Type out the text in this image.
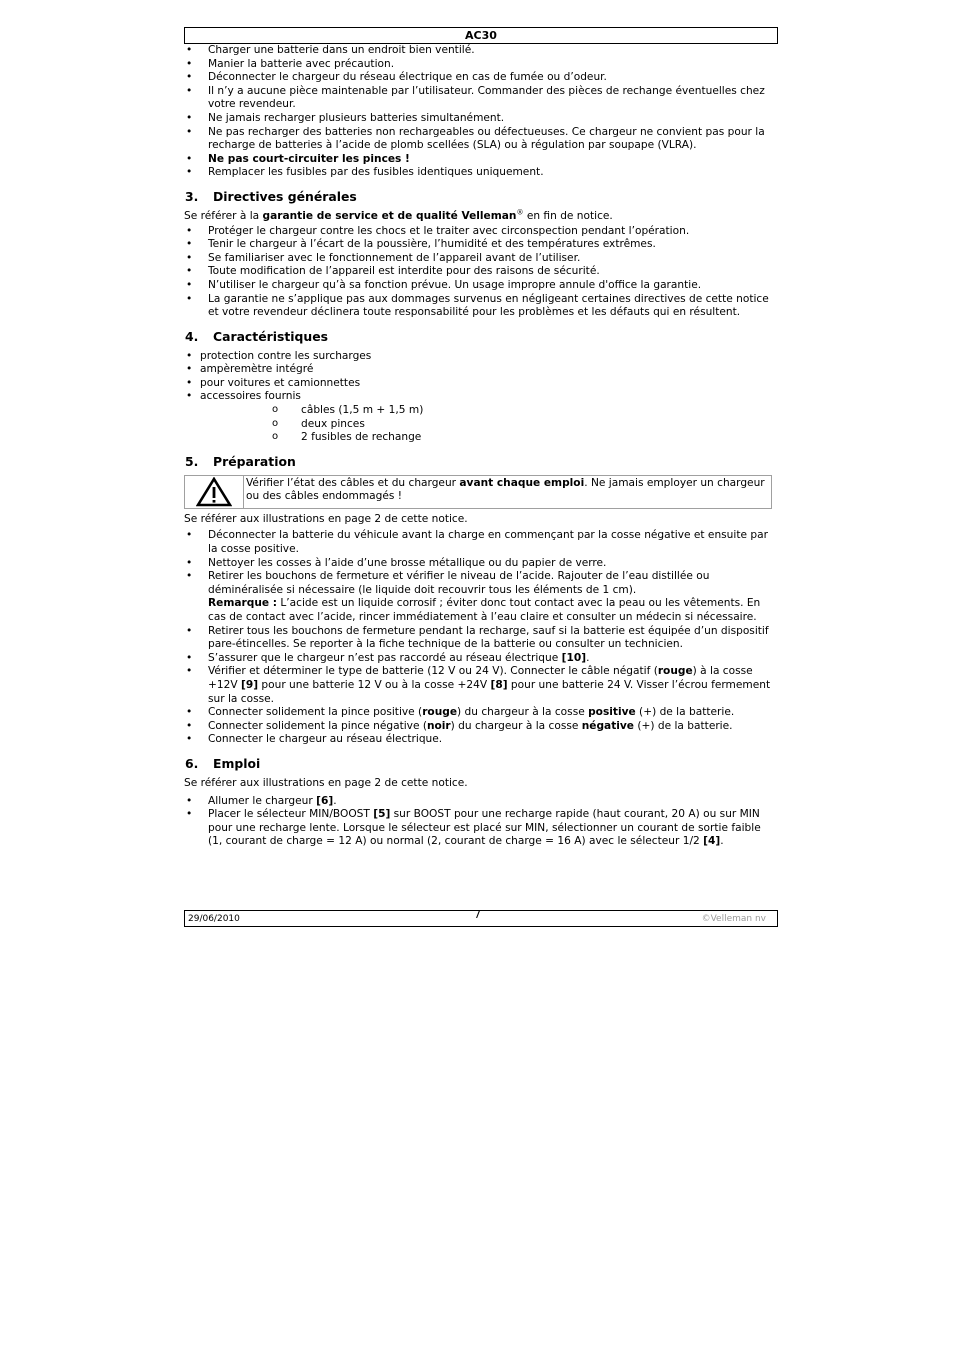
AC30
• Charger une batterie dans un endroit bien ventilé.
• Manier la batterie avec précaution.
• Déconnecter le chargeur du réseau électrique en cas de fumée ou d’odeur.
• Il n’y a aucune pièce maintenable par l’utilisateur. Commander des pièces de rechange éventuelles chez votre revendeur.
• Ne jamais recharger plusieurs batteries simultanément.
• Ne pas recharger des batteries non rechargeables ou défectueuses. Ce chargeur ne convient pas pour la recharge de batteries à l’acide de plomb scellées (SLA) ou à régulation par soupape (VLRA).
• Ne pas court-circuiter les pinces !
• Remplacer les fusibles par des fusibles identiques uniquement.
3. Directives générales

Se référer à la garantie de service et de qualité Velleman® en fin de notice.

• Protéger le chargeur contre les chocs et le traiter avec circonspection pendant l’opération.
• Tenir le chargeur à l’écart de la poussière, l’humidité et des températures extrêmes.
• Se familiariser avec le fonctionnement de l’appareil avant de l’utiliser.
• Toute modification de l’appareil est interdite pour des raisons de sécurité.
• N’utiliser le chargeur qu’à sa fonction prévue. Un usage impropre annule d'office la garantie.
• La garantie ne s’applique pas aux dommages survenus en négligeant certaines directives de cette notice et votre revendeur déclinera toute responsabilité pour les problèmes et les défauts qui en résultent.
4. Caractéristiques
• protection contre les surcharges
• ampèremètre intégré
• pour voitures et camionnettes
• accessoires fournis
o câbles (1,5 m + 1,5 m)
o deux pinces
o 2 fusibles de rechange
5. Préparation
Vérifier l’état des câbles et du chargeur avant chaque emploi. Ne jamais employer un chargeur ou des câbles endommagés !

Se référer aux illustrations en page 2 de cette notice.

• Déconnecter la batterie du véhicule avant la charge en commençant par la cosse négative et ensuite par la cosse positive.
• Nettoyer les cosses à l’aide d’une brosse métallique ou du papier de verre.
• Retirer les bouchons de fermeture et vérifier le niveau de l’acide. Rajouter de l’eau distillée ou déminéralisée si nécessaire (le liquide doit recouvrir tous les éléments de 1 cm).
Remarque : L’acide est un liquide corrosif ; éviter donc tout contact avec la peau ou les vêtements. En cas de contact avec l’acide, rincer immédiatement à l’eau claire et consulter un médecin si nécessaire.
• Retirer tous les bouchons de fermeture pendant la recharge, sauf si la batterie est équipée d’un dispositif pare-étincelles. Se reporter à la fiche technique de la batterie ou consulter un technicien.
• S’assurer que le chargeur n’est pas raccordé au réseau électrique [10].
• Vérifier et déterminer le type de batterie (12 V ou 24 V). Connecter le câble négatif (rouge) à la cosse +12V [9] pour une batterie 12 V ou à la cosse +24V [8] pour une batterie 24 V. Visser l’écrou fermement sur la cosse.
• Connecter solidement la pince positive (rouge) du chargeur à la cosse positive (+) de la batterie.
• Connecter solidement la pince négative (noir) du chargeur à la cosse négative (+) de la batterie.
• Connecter le chargeur au réseau électrique.
6. Emploi

Se référer aux illustrations en page 2 de cette notice.

• Allumer le chargeur [6].
• Placer le sélecteur MIN/BOOST [5] sur BOOST pour une recharge rapide (haut courant, 20 A) ou sur MIN pour une recharge lente. Lorsque le sélecteur est placé sur MIN, sélectionner un courant de sortie faible (1, courant de charge = 12 A) ou normal (2, courant de charge = 16 A) avec le sélecteur 1/2 [4].
29/06/2010	7	©Velleman nv
